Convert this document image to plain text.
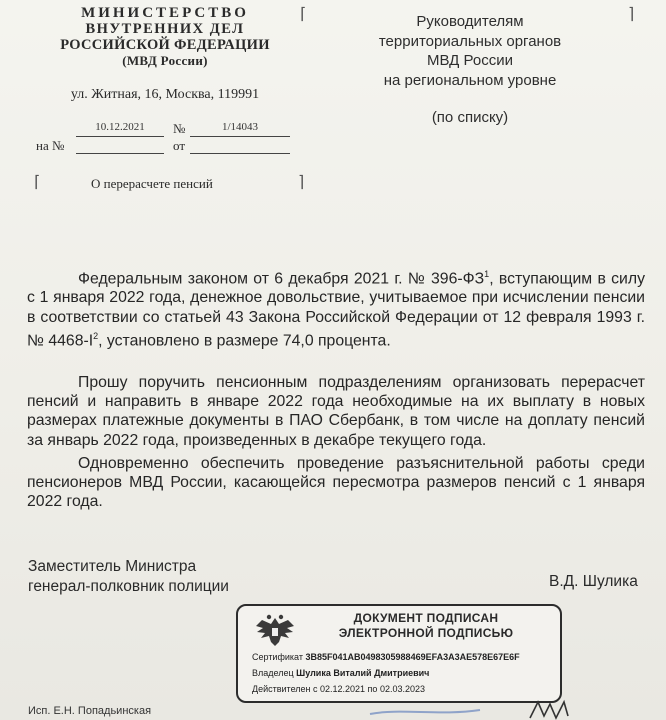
МИНИСТЕРСТВО
ВНУТРЕННИХ ДЕЛ
РОССИЙСКОЙ ФЕДЕРАЦИИ
(МВД России)
ул. Житная, 16, Москва, 119991
10.12.2021	№	1/14043
на №	от
⌈	⌉
Руководителям
территориальных органов
МВД России
на региональном уровне
(по списку)
⌈	О перерасчете пенсий	⌉

Федеральным законом от 6 декабря 2021 г. № $396-ФЗ^1$, вступающим в силу с 1 января 2022 года, денежное довольствие, учитываемое при исчислении пенсии в соответствии со статьей 43 Закона Российской Федерации от 12 февраля 1993 г. № $4468-I^2$, установлено в размере 74,0 процента.

Прошу поручить пенсионным подразделениям организовать перерасчет пенсий и направить в январе 2022 года необходимые на их выплату в новых размерах платежные документы в ПАО Сбербанк, в том числе на доплату пенсий за январь 2022 года, произведенных в декабре текущего года.

Одновременно обеспечить проведение разъяснительной работы среди пенсионеров МВД России, касающейся пересмотра размеров пенсий с 1 января 2022 года.

Заместитель Министра
генерал-полковник полиции	В.Д. Шулика
ДОКУМЕНТ ПОДПИСАН
ЭЛЕКТРОННОЙ ПОДПИСЬЮ
Сертификат 3B85F041AB0498305988469EFA3A3AE578E67E6F
Владелец Шулика Виталий Дмитриевич
Действителен с 02.12.2021 по 02.03.2023
Исп. Е.Н. Попадьинская
